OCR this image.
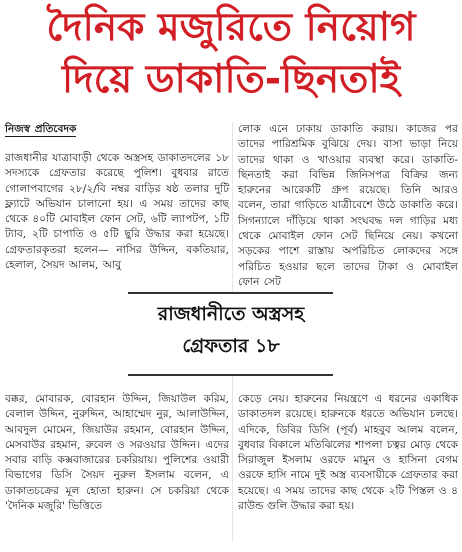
দৈনিক মজুরিতে নিয়োগ
দিয়ে ডাকাতি-ছিনতাই
নিজস্ব প্রতিবেদক

রাজধানীর যাত্রাবাড়ী থেকে অস্ত্রসহ ডাকাতদলের ১৮ সদস্যকে গ্রেফতার করেছে পুলিশ। বুধবার রাতে গোলাপবাগের ২৮/২/বি নম্বর বাড়ির ষষ্ঠ তলার দুটি ফ্ল্যাটে অভিযান চালানো হয়। এ সময় তাদের কাছ থেকে ৪০টি মোবাইল ফোন সেট, ৬টি ল্যাপটপ, ১টি ট্যাব, ২টি চাপাতি ও ৫টি ছুরি উদ্ধার করা হয়েছে। গ্রেফতারকৃতরা হলেন— নাসির উদ্দিন, বকতিয়ার, হেলাল, সৈয়দ আলম, আবু

লোক এনে ঢাকায় ডাকাতি করায়। কাজের পর তাদের পারিশ্রমিক বুঝিয়ে দেয়। বাসা ভাড়া নিয়ে তাদের থাকা ও খাওয়ার ব্যবস্থা করে। ডাকাতি-ছিনতাই করা বিভিন্ন জিনিসপত্র বিক্রির জন্য হারুনের আরেকটি গ্রুপ রয়েছে। তিনি আরও বলেন, তারা গাড়িতে যাত্রীবেশে উঠে ডাকাতি করে। সিগন্যালে দাঁড়িয়ে থাকা সংঘবদ্ধ দল গাড়ির মধ্য থেকে মোবাইল ফোন সেট ছিনিয়ে নেয়। কখনো সড়কের পাশে রাস্তায় অপরিচিত লোকদের সঙ্গে পরিচিত হওয়ার ছলে তাদের টাকা ও মোবাইল ফোন সেট

রাজধানীতে অস্ত্রসহ
গ্রেফতার ১৮
বক্কর, মোবারক, বোরহান উদ্দিন, জিয়াউল করিম, বেলাল উদ্দিন, নুরুদ্দিন, আহাম্মেদ নুর, আলাউদ্দিন, আবদুল মোমেন, জিয়াউর রহমান, বোরহান উদ্দিন, মেসবাউর রহমান, রুবেল ও সরওয়ার উদ্দিন। এদের সবার বাড়ি কক্সবাজারের চকরিয়ায়। পুলিশের ওয়ারী বিভাগের ডিসি সৈয়দ নুরুল ইসলাম বলেন, এ ডাকাতচক্রের মূল হোতা হারুন। সে চকরিয়া থেকে 'দৈনিক মজুরি' ভিত্তিতে
কেড়ে নেয়। হারুনের নিয়ন্ত্রণে এ ধরনের একাধিক ডাকাতদল রয়েছে। হারুনকে ধরতে অভিযান চলছে। এদিকে, ডিবির ডিসি (পূর্ব) মাহবুব আলম বলেন, বুধবার বিকালে মতিঝিলের শাপলা চত্বর মোড় থেকে সিরাজুল ইসলাম ওরফে মামুন ও হাসিনা বেগম ওরফে হাসি নামে দুই অস্ত্র ব্যবসায়ীকে গ্রেফতার করা হয়েছে। এ সময় তাদের কাছ থেকে ২টি পিস্তল ও ৪ রাউন্ড গুলি উদ্ধার করা হয়।
